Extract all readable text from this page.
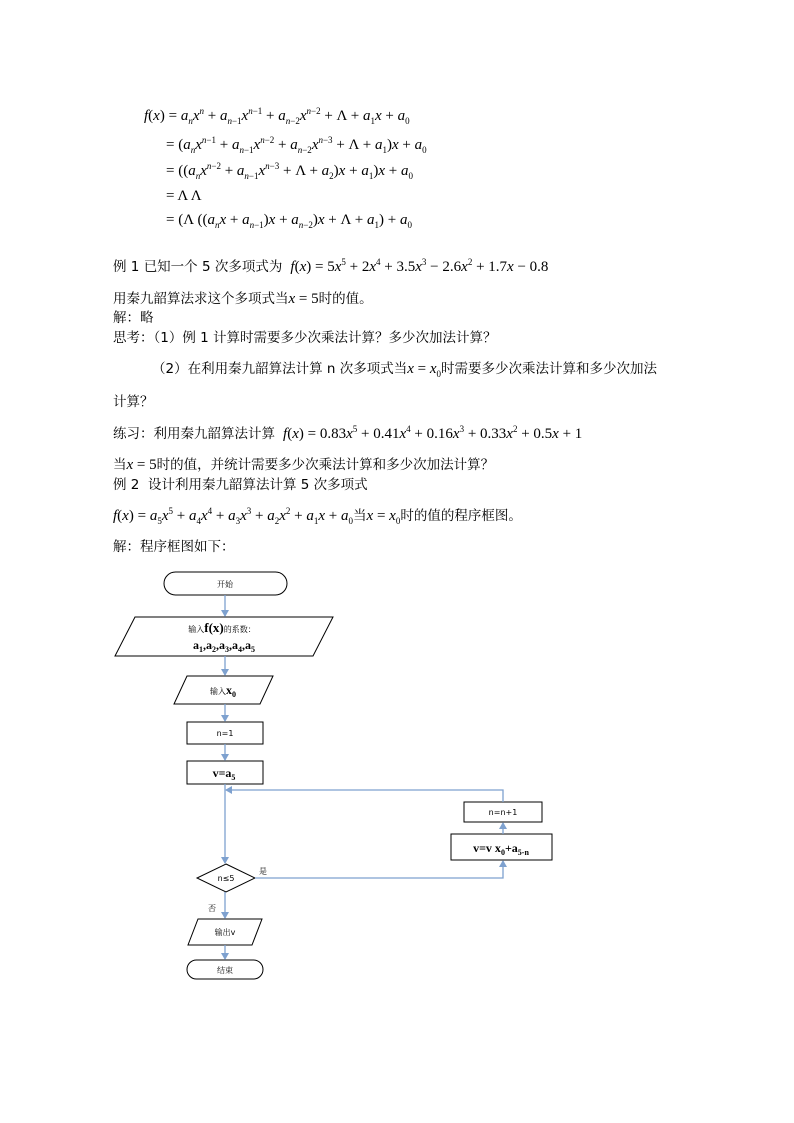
$f(x) = a_nx^n + a_{n-1}x^{n-1} + a_{n-2}x^{n-2} + \Lambda + a_1x + a_0$
= $(a_nx^{n-1} + a_{n-1}x^{n-2} + a_{n-2}x^{n-3} + \Lambda + a_1)x + a_0$
= $((a_nx^{n-2} + a_{n-1}x^{n-3} + \Lambda + a_2)x + a_1)x + a_0$
= Λ Λ
= (Λ $((a_nx + a_{n-1})x + a_{n-2})x + \Lambda + a_1) + a_0$
例 1 已知一个 5 次多项式为 $f(x) = 5x^5 + 2x^4 + 3.5x^3 - 2.6x^2 + 1.7x - 0.8$
用秦九韶算法求这个多项式当x = 5时的值。
解：略
思考：（1）例 1 计算时需要多少次乘法计算？多少次加法计算？
（2）在利用秦九韶算法计算 n 次多项式当$x = x_0$时需要多少次乘法计算和多少次加法
计算？
练习：利用秦九韶算法计算 $f(x) = 0.83x^5 + 0.41x^4 + 0.16x^3 + 0.33x^2 + 0.5x + 1$
当x = 5时的值，并统计需要多少次乘法计算和多少次加法计算？
例 2 设计利用秦九韶算法计算 5 次多项式
$f(x) = a_5x^5 + a_4x^4 + a_3x^3 + a_2x^2 + a_1x + a_0$当$x = x_0$时的值的程序框图。
解：程序框图如下：
开始
输入f(x)的系数：
$a_1,a_2,a_3,a_4,a_5$
输入x0
n=1
$v=a_5$
n=n+1
v=v $x_0+a_{5-n}$
n≤5
是
否
输出v
结束
